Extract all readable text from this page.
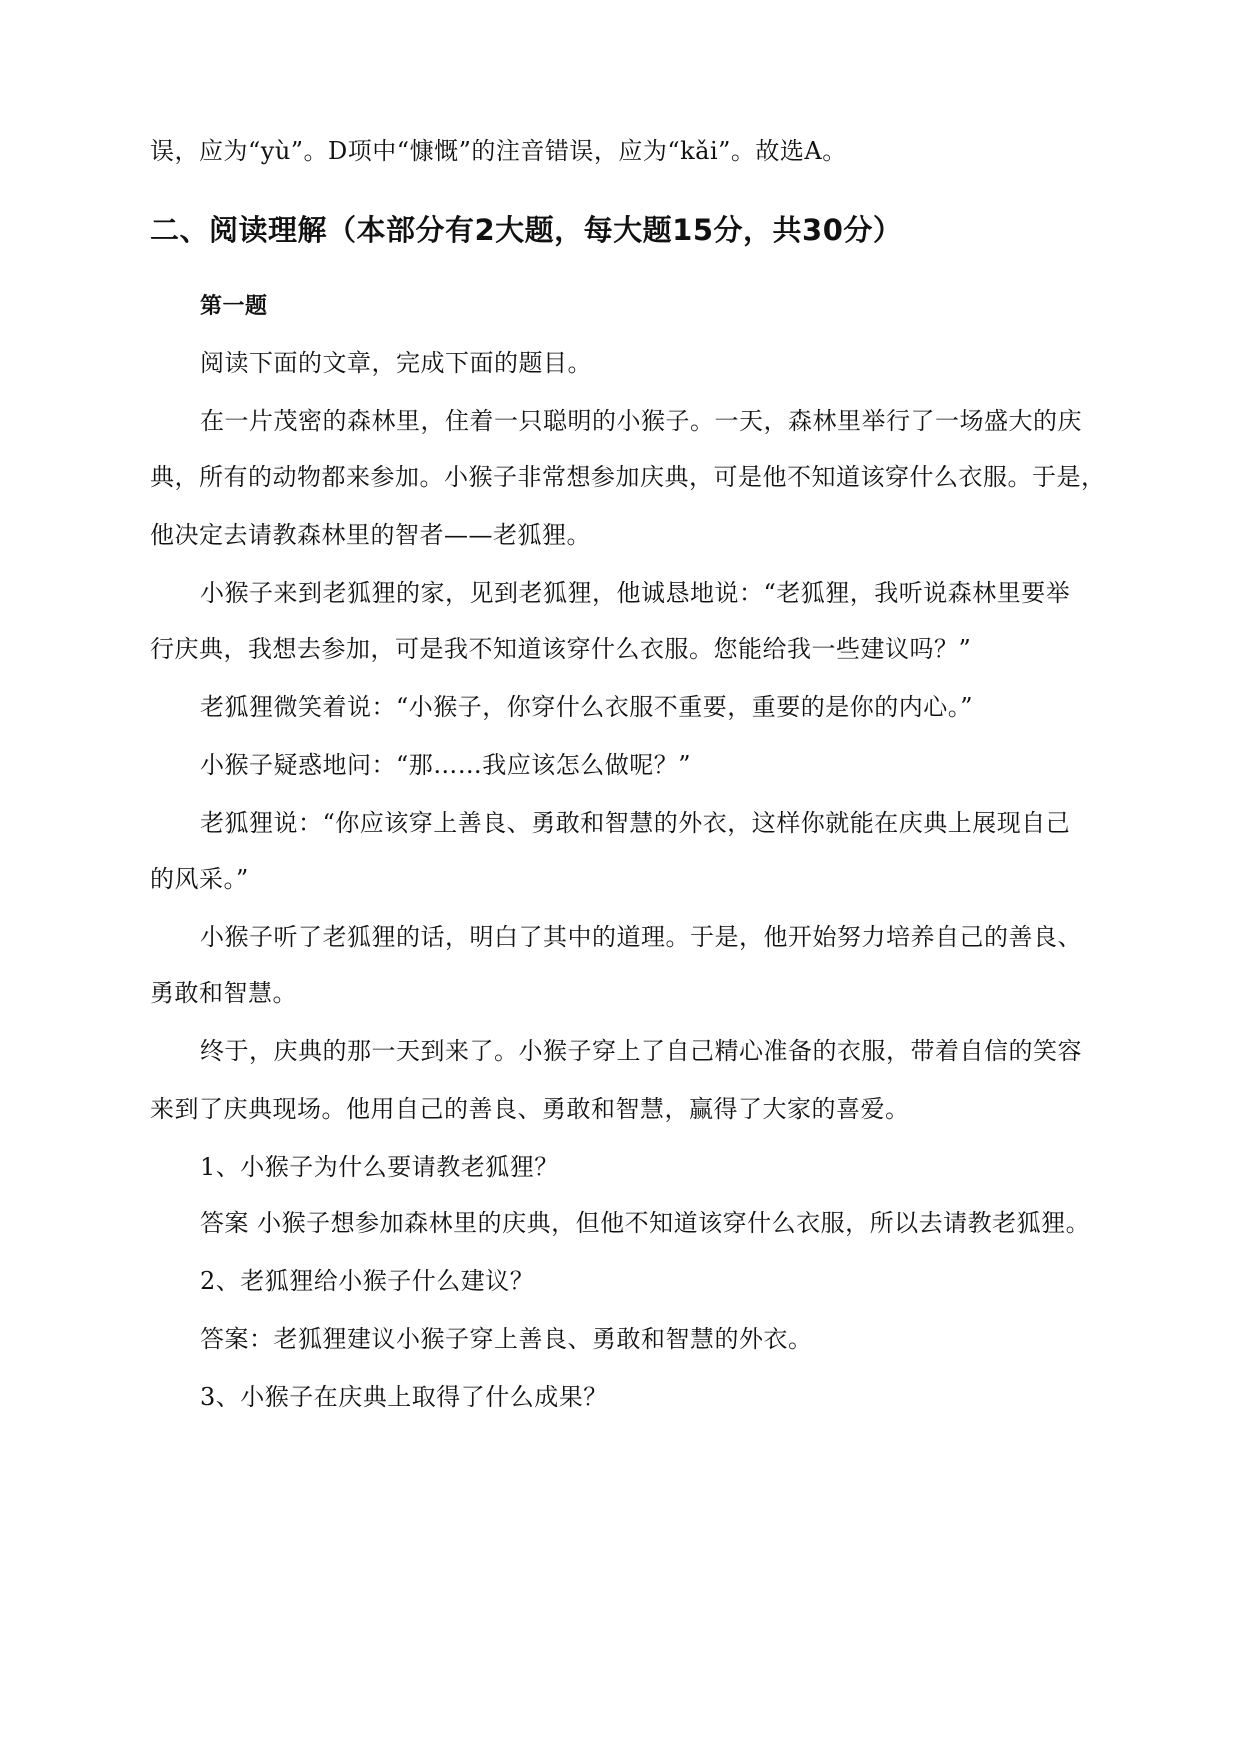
误，应为“yù”。D项中“慷慨”的注音错误，应为“kǎi”。故选A。
二、阅读理解（本部分有2大题，每大题15分，共30分）
第一题
阅读下面的文章，完成下面的题目。
在一片茂密的森林里，住着一只聪明的小猴子。一天，森林里举行了一场盛大的庆
典，所有的动物都来参加。小猴子非常想参加庆典，可是他不知道该穿什么衣服。于是，
他决定去请教森林里的智者——老狐狸。
小猴子来到老狐狸的家，见到老狐狸，他诚恳地说：“老狐狸，我听说森林里要举
行庆典，我想去参加，可是我不知道该穿什么衣服。您能给我一些建议吗？”
老狐狸微笑着说：“小猴子，你穿什么衣服不重要，重要的是你的内心。”
小猴子疑惑地问：“那……我应该怎么做呢？”
老狐狸说：“你应该穿上善良、勇敢和智慧的外衣，这样你就能在庆典上展现自己
的风采。”
小猴子听了老狐狸的话，明白了其中的道理。于是，他开始努力培养自己的善良、
勇敢和智慧。
终于，庆典的那一天到来了。小猴子穿上了自己精心准备的衣服，带着自信的笑容
来到了庆典现场。他用自己的善良、勇敢和智慧，赢得了大家的喜爱。
1、小猴子为什么要请教老狐狸？
答案 小猴子想参加森林里的庆典，但他不知道该穿什么衣服，所以去请教老狐狸。
2、老狐狸给小猴子什么建议？
答案：老狐狸建议小猴子穿上善良、勇敢和智慧的外衣。
3、小猴子在庆典上取得了什么成果？
